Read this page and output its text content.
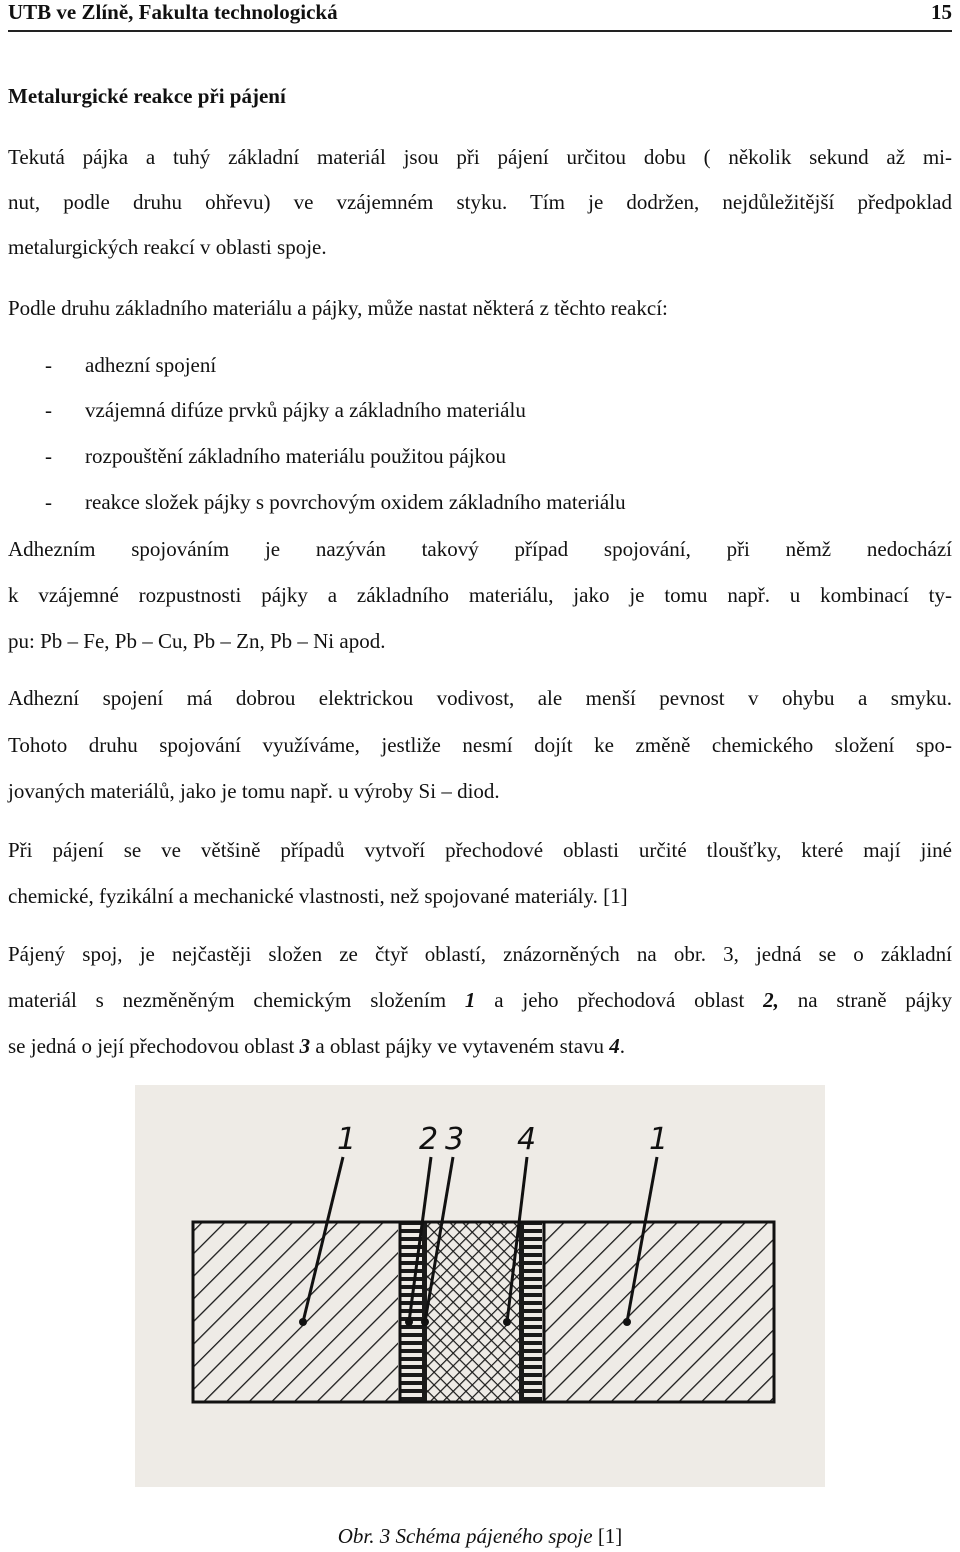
UTB ve Zlíně, Fakulta technologická	15
Metalurgické reakce při pájení
Tekutá pájka a tuhý základní materiál jsou při pájení určitou dobu ( několik sekund až mi-
nut, podle druhu ohřevu) ve vzájemném styku. Tím je dodržen, nejdůležitější předpoklad
metalurgických reakcí v oblasti spoje.
Podle druhu základního materiálu a pájky, může nastat některá z těchto reakcí:
- adhezní spojení
- vzájemná difúze prvků pájky a základního materiálu
- rozpouštění základního materiálu použitou pájkou
- reakce složek pájky s povrchovým oxidem základního materiálu
Adhezním spojováním je nazýván takový případ spojování, při němž nedochází
k vzájemné rozpustnosti pájky a základního materiálu, jako je tomu např. u kombinací ty-
pu: Pb – Fe, Pb – Cu, Pb – Zn, Pb – Ni apod.
Adhezní spojení má dobrou elektrickou vodivost, ale menší pevnost v ohybu a smyku.
Tohoto druhu spojování využíváme, jestliže nesmí dojít ke změně chemického složení spo-
jovaných materiálů, jako je tomu např. u výroby Si – diod.
Při pájení se ve většině případů vytvoří přechodové oblasti určité tloušťky, které mají jiné
chemické, fyzikální a mechanické vlastnosti, než spojované materiály. [1]
Pájený spoj, je nejčastěji složen ze čtyř oblastí, znázorněných na obr. 3, jedná se o základní
materiál s nezměněným chemickým složením 1 a jeho přechodová oblast 2, na straně pájky
se jedná o její přechodovou oblast 3 a oblast pájky ve vytaveném stavu 4.
1 2 3 4	1
Obr. 3 Schéma pájeného spoje [1]
